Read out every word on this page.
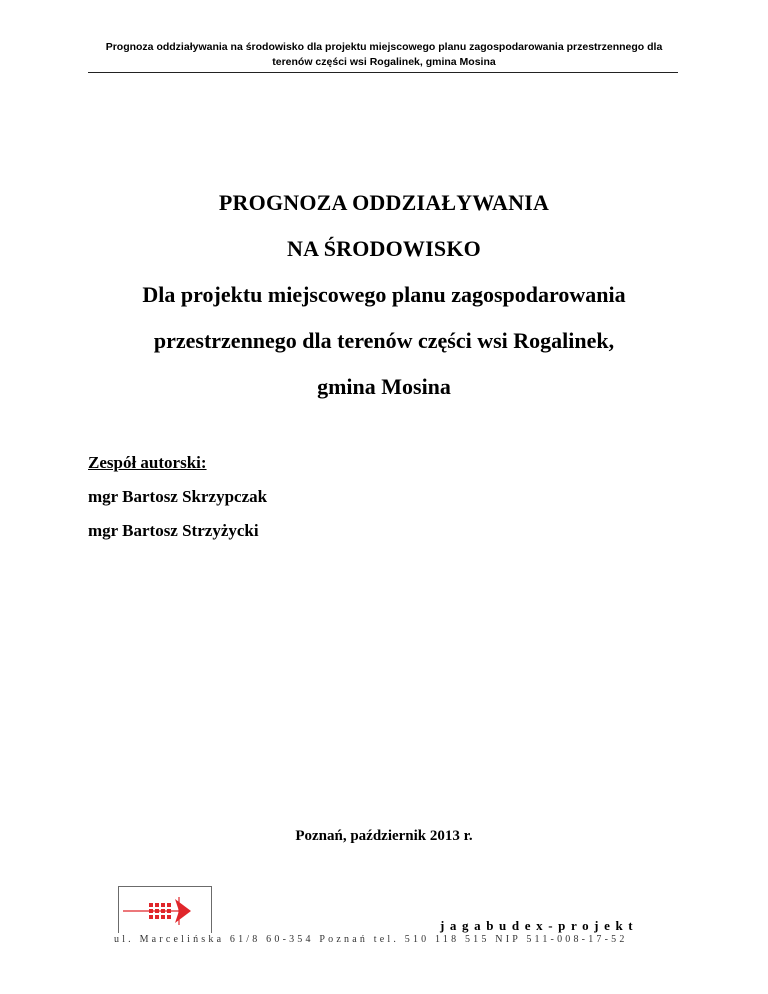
Prognoza oddziaływania na środowisko dla projektu miejscowego planu zagospodarowania przestrzennego dla
terenów części wsi Rogalinek, gmina Mosina
PROGNOZA ODDZIAŁYWANIA
NA ŚRODOWISKO
Dla projektu miejscowego planu zagospodarowania
przestrzennego dla terenów części wsi Rogalinek,
gmina Mosina
Zespół autorski:
mgr Bartosz Skrzypczak
mgr Bartosz Strzyżycki
Poznań, październik 2013 r.
jagabudex-projekt
ul. Marcelińska 61/8 60-354 Poznań tel. 510 118 515 NIP 511-008-17-52
